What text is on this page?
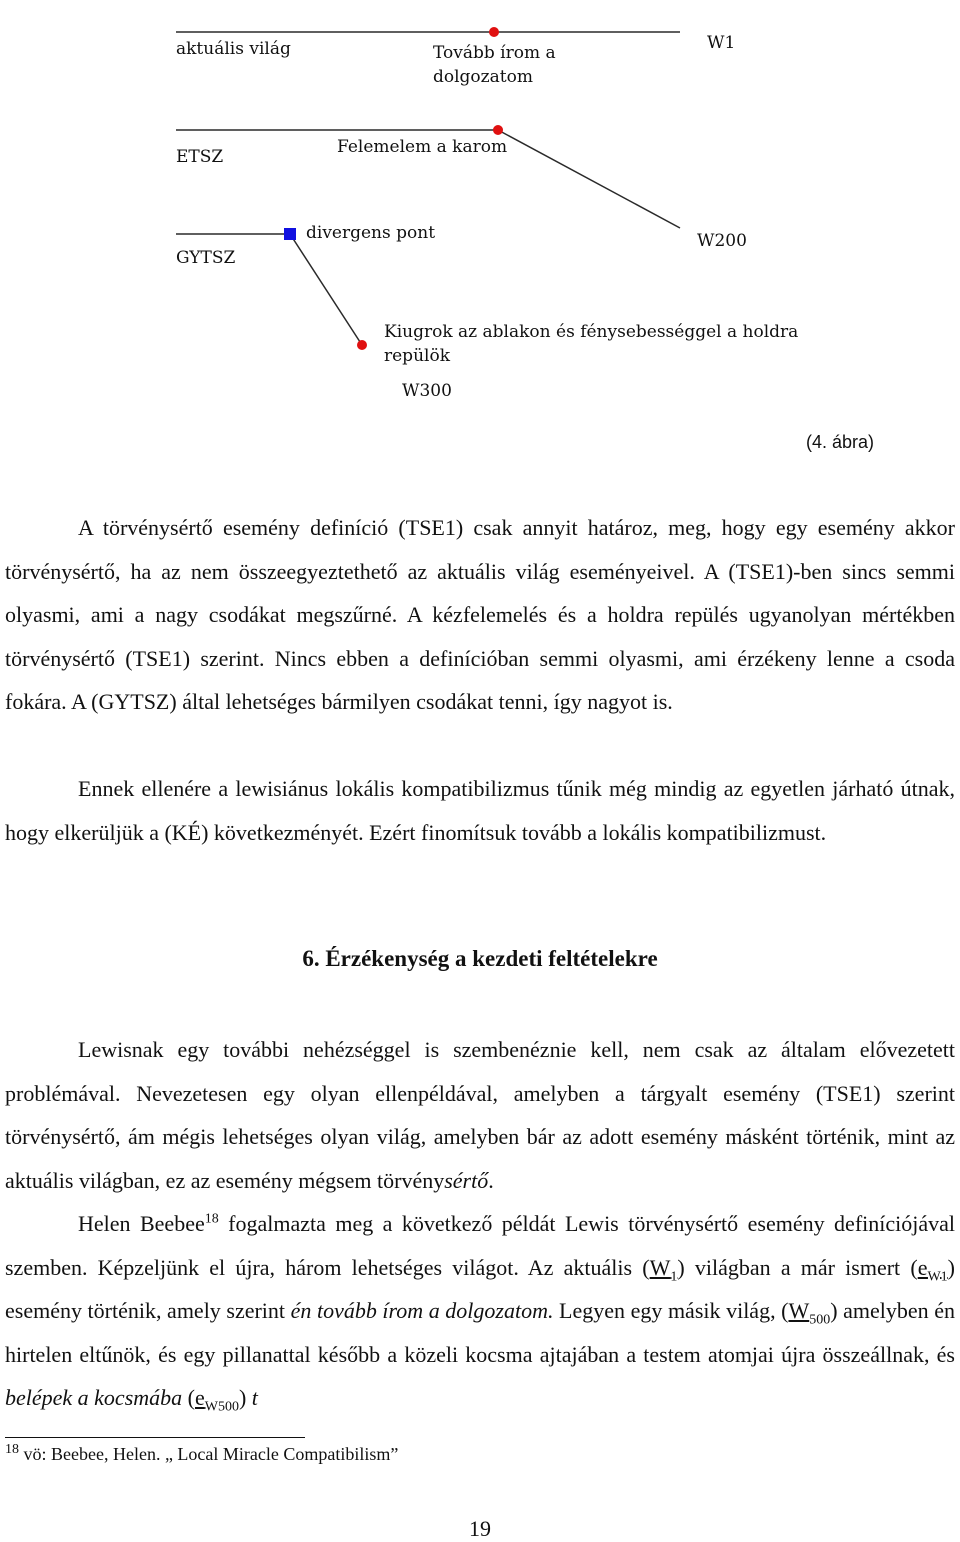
W1
aktuális világ	Tovább írom a
dolgozatom
ETSZ	Felemelem a karom
W200
GYTSZ
divergens pont
Kiugrok az ablakon és fénysebességgel a holdra
repülök
W300
(4. ábra)

A törvénysértő esemény definíció (TSE1) csak annyit határoz, meg, hogy egy esemény akkor törvénysértő, ha az nem összeegyeztethető az aktuális világ eseményeivel. A (TSE1)-ben sincs semmi olyasmi, ami a nagy csodákat megszűrné. A kézfelemelés és a holdra repülés ugyanolyan mértékben törvénysértő (TSE1) szerint. Nincs ebben a definícióban semmi olyasmi, ami érzékeny lenne a csoda fokára. A (GYTSZ) által lehetséges bármilyen csodákat tenni, így nagyot is.

Ennek ellenére a lewisiánus lokális kompatibilizmus tűnik még mindig az egyetlen járható útnak, hogy elkerüljük a (KÉ) következményét. Ezért finomítsuk tovább a lokális kompatibilizmust.

6. Érzékenység a kezdeti feltételekre

Lewisnak egy további nehézséggel is szembenéznie kell, nem csak az általam elővezetett problémával. Nevezetesen egy olyan ellenpéldával, amelyben a tárgyalt esemény (TSE1) szerint törvénysértő, ám mégis lehetséges olyan világ, amelyben bár az adott esemény másként történik, mint az aktuális világban, ez az esemény mégsem törvénysértő.

Helen Beebee$^{18}$ fogalmazta meg a következő példát Lewis törvénysértő esemény definíciójával szemben. Képzeljünk el újra, három lehetséges világot. Az aktuális $(W_1)$ világban a már ismert $(e_{W1})$ esemény történik, amely szerint én tovább írom a dolgozatom. Legyen egy másik világ, $(W_{500})$ amelyben én hirtelen eltűnök, és egy pillanattal később a közeli kocsma ajtajában a testem atomjai újra összeállnak, és belépek a kocsmába $(e_{W500})$ t

$^{18}$ vö: Beebee, Helen. „ Local Miracle Compatibilism”
19
